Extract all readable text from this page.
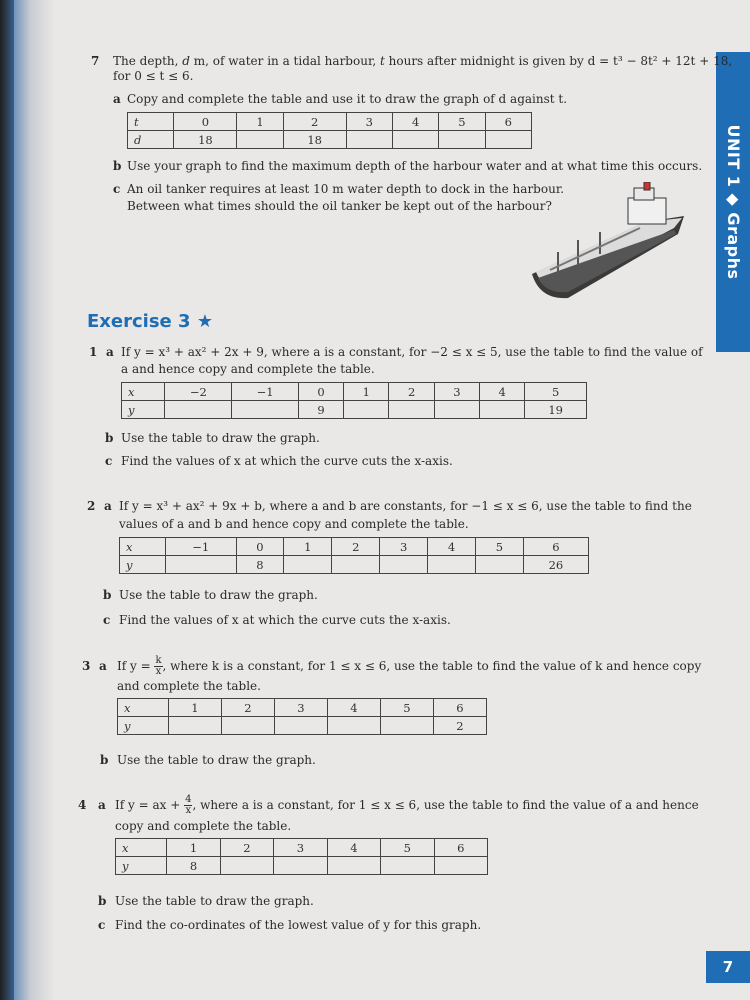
UNIT 1 ◆ Graphs
7
7 The depth, d m, of water in a tidal harbour, t hours after midnight is given by d = t³ − 8t² + 12t + 18,
for 0 ≤ t ≤ 6.
a Copy and complete the table and use it to draw the graph of d against t.
t	0	1	2	3	4	5	6
d	18		18				
b Use your graph to find the maximum depth of the harbour water and at what time this occurs.
c An oil tanker requires at least 10 m water depth to dock in the harbour.
Between what times should the oil tanker be kept out of the harbour?
Exercise 3 ★
1 a If y = x³ + ax² + 2x + 9, where a is a constant, for −2 ≤ x ≤ 5, use the table to find the value of
a and hence copy and complete the table.
x	−2	−1	0	1	2	3	4	5
y			9					19
b Use the table to draw the graph.
c Find the values of x at which the curve cuts the x-axis.
2 a If y = x³ + ax² + 9x + b, where a and b are constants, for −1 ≤ x ≤ 6, use the table to find the
values of a and b and hence copy and complete the table.
x	−1	0	1	2	3	4	5	6
y		8						26
b Use the table to draw the graph.
c Find the values of x at which the curve cuts the x-axis.
3 a If $y = \frac{k}{x}$ , where k is a constant, for 1 ≤ x ≤ 6, use the table to find the value of k and hence copy
and complete the table.
x	1	2	3	4	5	6
y						2
b Use the table to draw the graph.
4 a If y = ax + $\frac{4}{x}$ , where a is a constant, for 1 ≤ x ≤ 6, use the table to find the value of a and hence
copy and complete the table.
x	1	2	3	4	5	6
y	8					
b Use the table to draw the graph.
c Find the co-ordinates of the lowest value of y for this graph.
